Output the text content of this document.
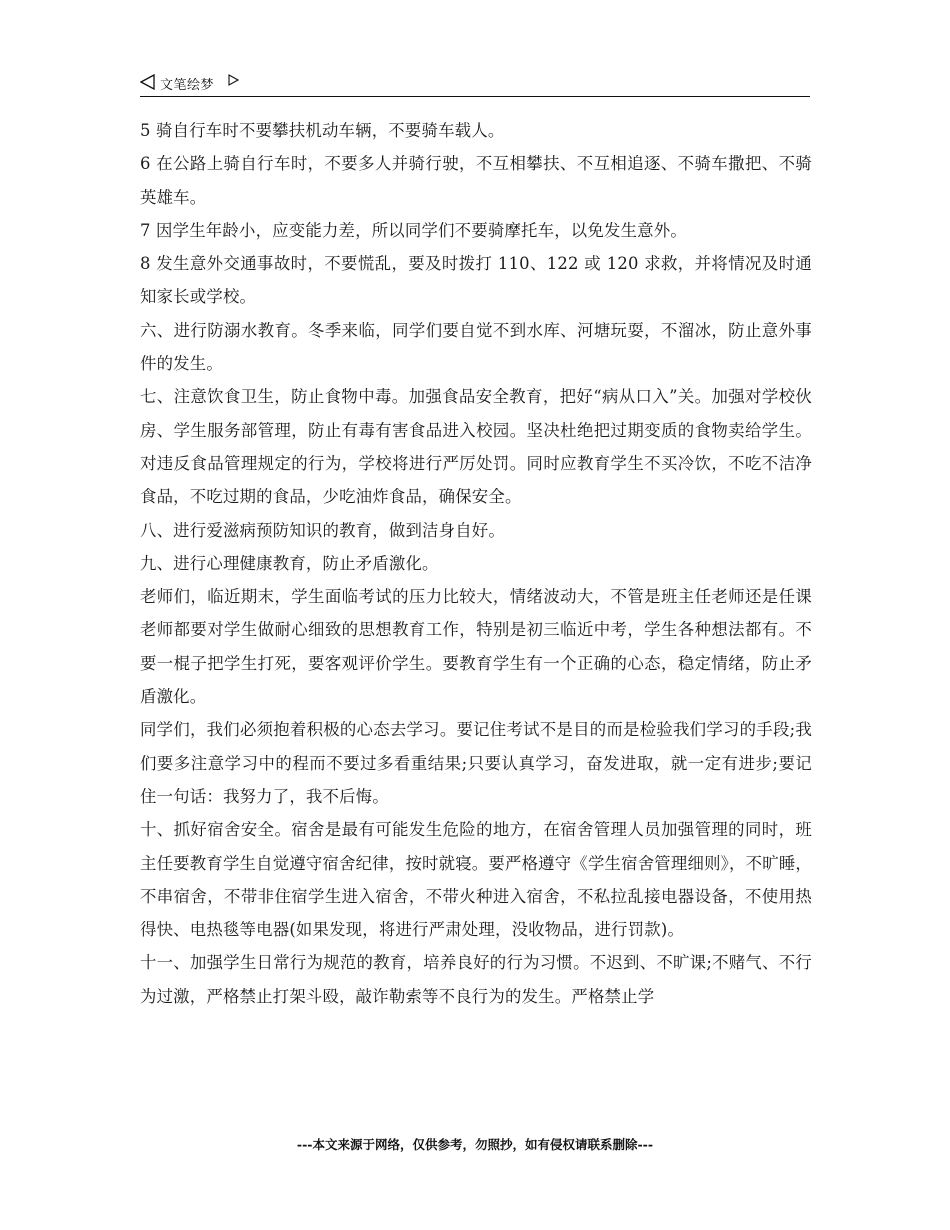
文笔绘梦

5 骑自行车时不要攀扶机动车辆，不要骑车载人。

6 在公路上骑自行车时，不要多人并骑行驶，不互相攀扶、不互相追逐、不骑车撒把、不骑英雄车。

7 因学生年龄小，应变能力差，所以同学们不要骑摩托车，以免发生意外。

8 发生意外交通事故时，不要慌乱，要及时拨打 110、122 或 120 求救，并将情况及时通知家长或学校。

六、进行防溺水教育。冬季来临，同学们要自觉不到水库、河塘玩耍，不溜冰，防止意外事件的发生。

七、注意饮食卫生，防止食物中毒。加强食品安全教育，把好“病从口入”关。加强对学校伙房、学生服务部管理，防止有毒有害食品进入校园。坚决杜绝把过期变质的食物卖给学生。对违反食品管理规定的行为，学校将进行严厉处罚。同时应教育学生不买冷饮，不吃不洁净食品，不吃过期的食品，少吃油炸食品，确保安全。

八、进行爱滋病预防知识的教育，做到洁身自好。

九、进行心理健康教育，防止矛盾激化。

老师们，临近期末，学生面临考试的压力比较大，情绪波动大，不管是班主任老师还是任课老师都要对学生做耐心细致的思想教育工作，特别是初三临近中考，学生各种想法都有。不要一棍子把学生打死，要客观评价学生。要教育学生有一个正确的心态，稳定情绪，防止矛盾激化。

同学们，我们必须抱着积极的心态去学习。要记住考试不是目的而是检验我们学习的手段;我们要多注意学习中的程而不要过多看重结果;只要认真学习，奋发进取，就一定有进步;要记住一句话：我努力了，我不后悔。

十、抓好宿舍安全。宿舍是最有可能发生危险的地方，在宿舍管理人员加强管理的同时，班主任要教育学生自觉遵守宿舍纪律，按时就寝。要严格遵守《学生宿舍管理细则》，不旷睡，不串宿舍，不带非住宿学生进入宿舍，不带火种进入宿舍，不私拉乱接电器设备，不使用热得快、电热毯等电器(如果发现，将进行严肃处理，没收物品，进行罚款)。

十一、加强学生日常行为规范的教育，培养良好的行为习惯。不迟到、不旷课;不赌气、不行为过激，严格禁止打架斗殴，敲诈勒索等不良行为的发生。严格禁止学

---本文来源于网络，仅供参考，勿照抄，如有侵权请联系删除---
